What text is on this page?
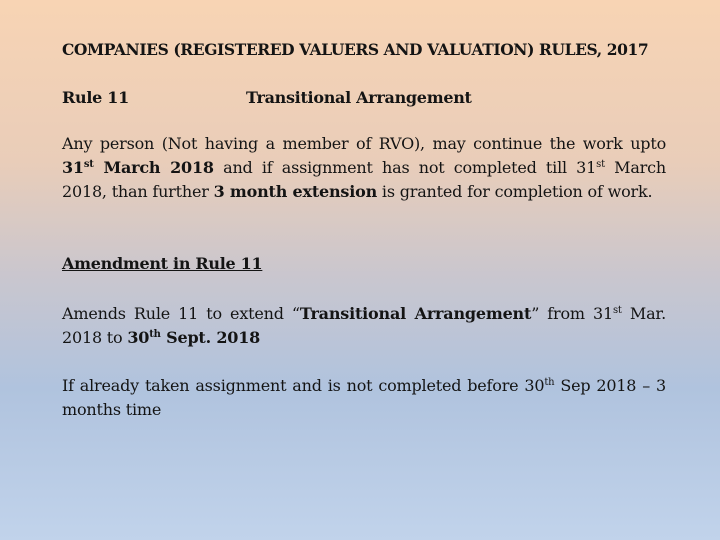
COMPANIES (REGISTERED VALUERS AND VALUATION) RULES, 2017
Rule 11	Transitional Arrangement
Any person (Not having a member of RVO), may continue the work upto 31st March 2018 and if assignment has not completed till 31st March 2018, than further 3 month extension is granted for completion of work.
Amendment in Rule 11
Amends Rule 11 to extend “Transitional Arrangement” from 31st Mar. 2018 to 30th Sept. 2018
If already taken assignment and is not completed before 30th Sep 2018 – 3 months time
